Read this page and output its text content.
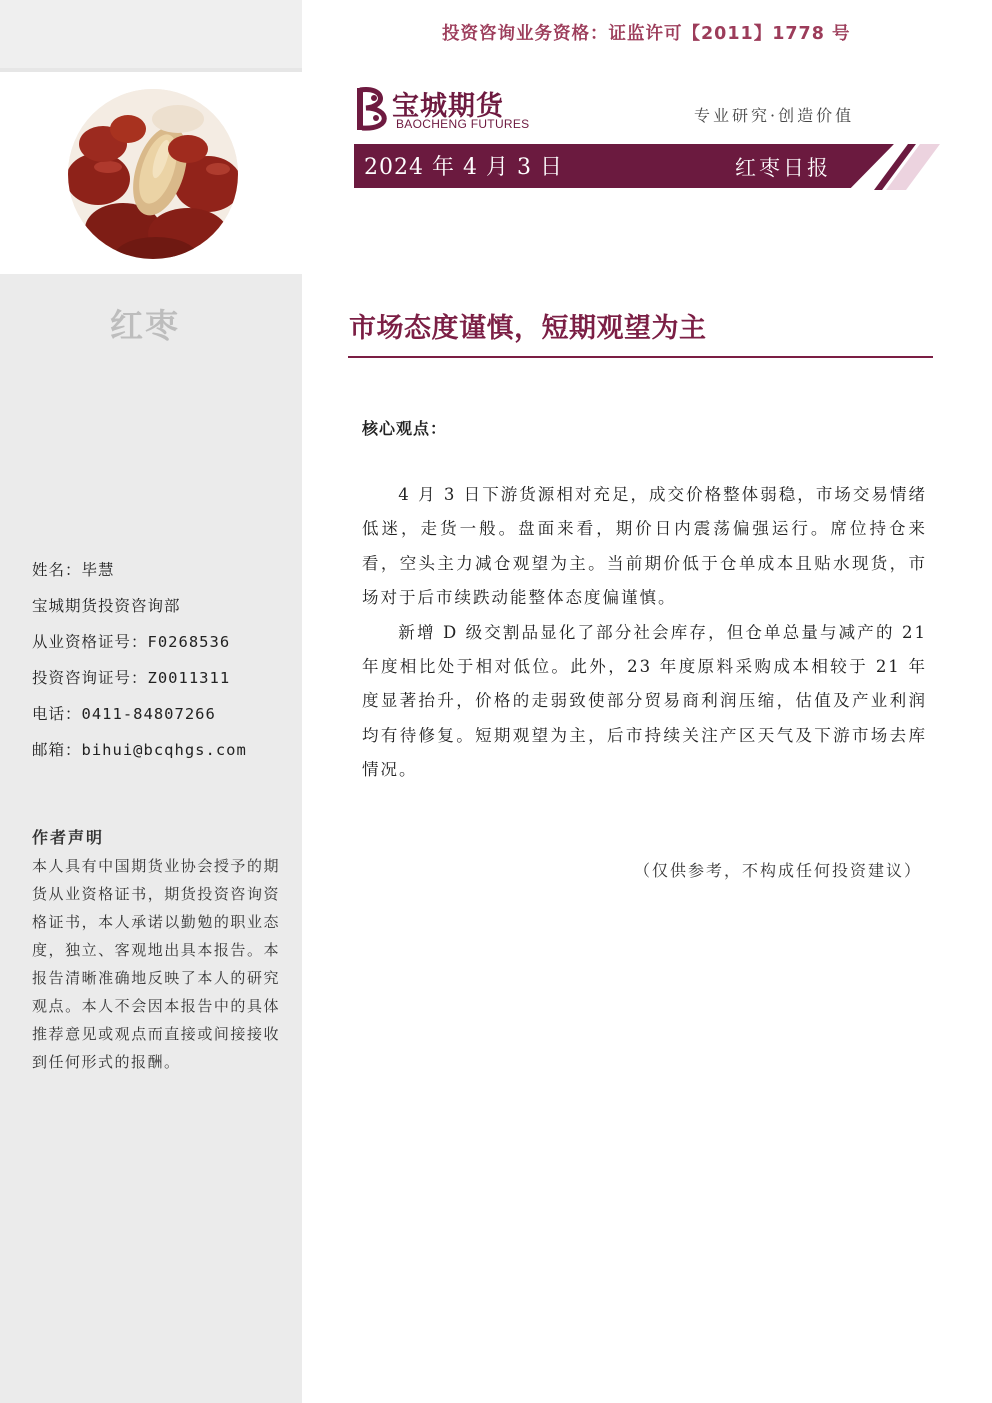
红枣
姓名：毕慧
宝城期货投资咨询部
从业资格证号：F0268536
投资咨询证号：Z0011311
电话：0411-84807266
邮箱：bihui@bcqhgs.com
作者声明
本人具有中国期货业协会授予的期货从业资格证书，期货投资咨询资格证书，本人承诺以勤勉的职业态度，独立、客观地出具本报告。本报告清晰准确地反映了本人的研究观点。本人不会因本报告中的具体推荐意见或观点而直接或间接接收到任何形式的报酬。
投资咨询业务资格：证监许可【2011】1778 号
宝城期货
BAOCHENG FUTURES	专业研究·创造价值
2024 年 4 月 3 日	红枣日报
市场态度谨慎，短期观望为主
核心观点：

4 月 3 日下游货源相对充足，成交价格整体弱稳，市场交易情绪低迷，走货一般。盘面来看，期价日内震荡偏强运行。席位持仓来看，空头主力减仓观望为主。当前期价低于仓单成本且贴水现货，市场对于后市续跌动能整体态度偏谨慎。

新增 D 级交割品显化了部分社会库存，但仓单总量与减产的 21 年度相比处于相对低位。此外，23 年度原料采购成本相较于 21 年度显著抬升，价格的走弱致使部分贸易商利润压缩，估值及产业利润均有待修复。短期观望为主，后市持续关注产区天气及下游市场去库情况。

（仅供参考，不构成任何投资建议）
